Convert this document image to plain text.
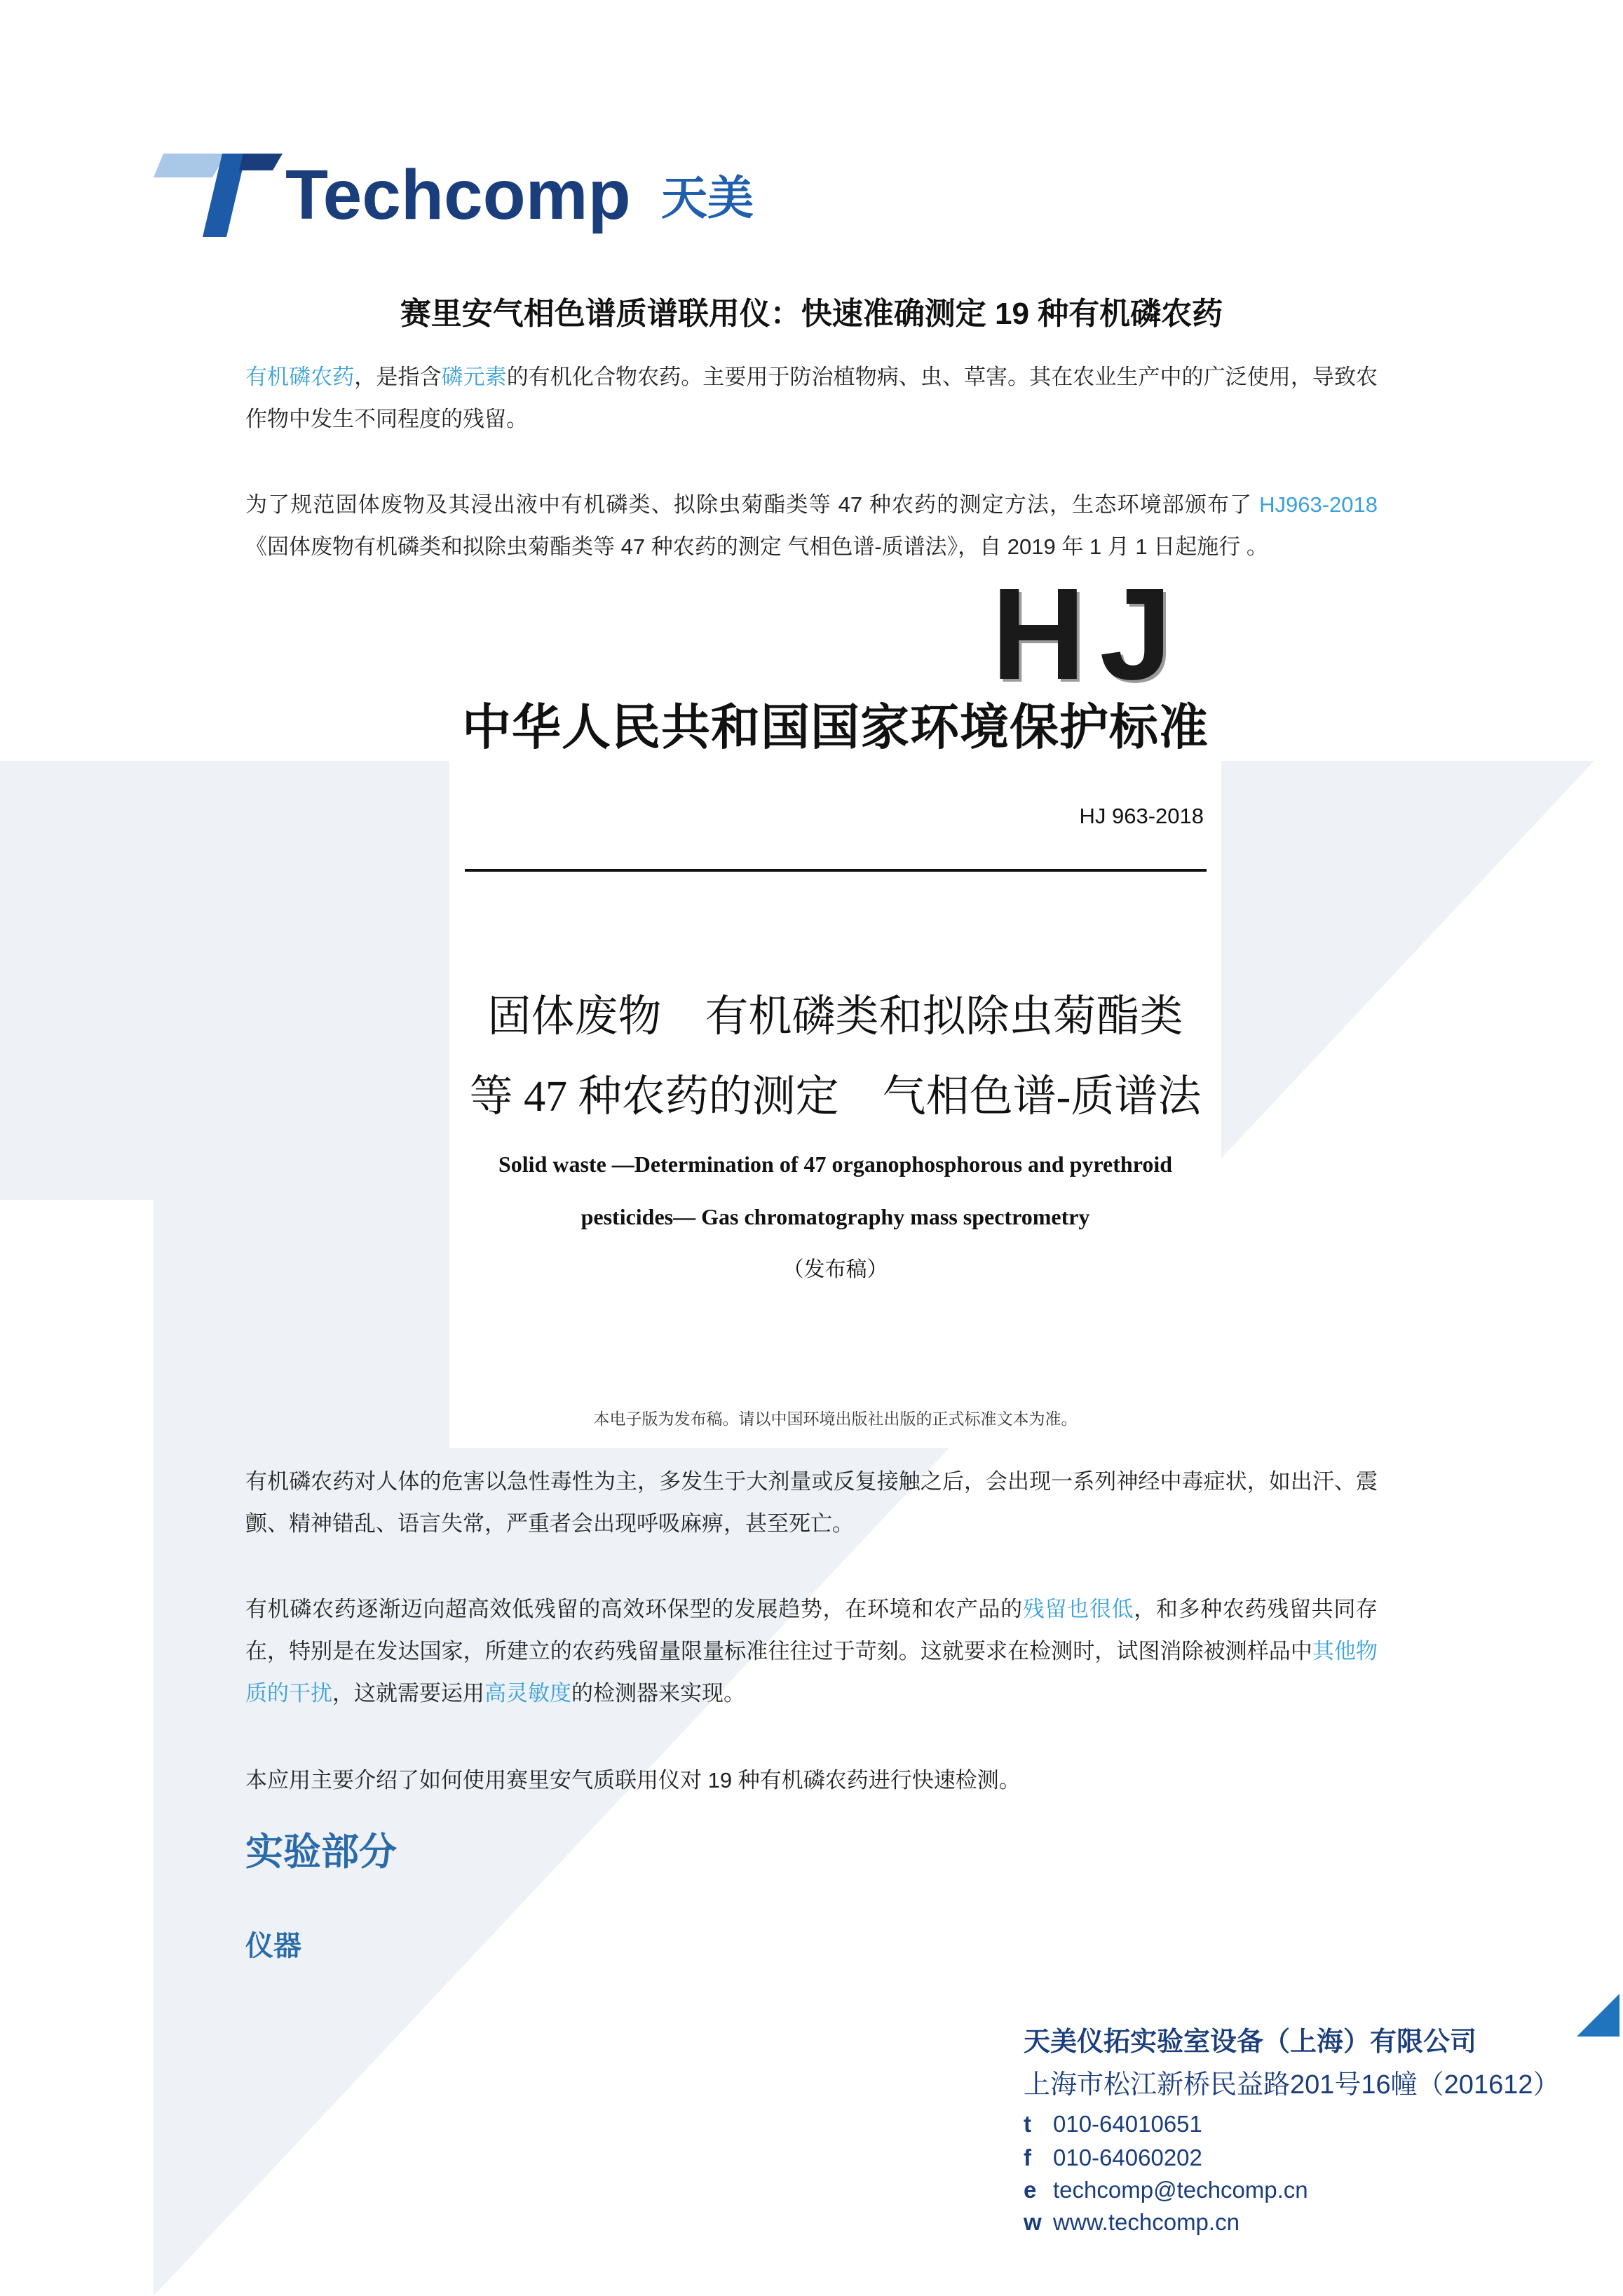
Techcomp 天美
赛里安气相色谱质谱联用仪：快速准确测定 19 种有机磷农药
有机磷农药，是指含磷元素的有机化合物农药。主要用于防治植物病、虫、草害。其在农业生产中的广泛使用，导致农作物中发生不同程度的残留。
为了规范固体废物及其浸出液中有机磷类、拟除虫菊酯类等 47 种农药的测定方法，生态环境部颁布了 HJ963-2018《固体废物有机磷类和拟除虫菊酯类等 47 种农药的测定 气相色谱-质谱法》，自 2019 年 1 月 1 日起施行 。
HJ
中华人民共和国国家环境保护标准
HJ 963-2018
固体废物　有机磷类和拟除虫菊酯类
等 47 种农药的测定　气相色谱-质谱法
Solid waste —Determination of 47 organophosphorous and pyrethroid
pesticides— Gas chromatography mass spectrometry
（发布稿）
本电子版为发布稿。请以中国环境出版社出版的正式标准文本为准。
有机磷农药对人体的危害以急性毒性为主，多发生于大剂量或反复接触之后，会出现一系列神经中毒症状，如出汗、震颤、精神错乱、语言失常，严重者会出现呼吸麻痹，甚至死亡。
有机磷农药逐渐迈向超高效低残留的高效环保型的发展趋势，在环境和农产品的残留也很低，和多种农药残留共同存在，特别是在发达国家，所建立的农药残留量限量标准往往过于苛刻。这就要求在检测时，试图消除被测样品中其他物质的干扰，这就需要运用高灵敏度的检测器来实现。
本应用主要介绍了如何使用赛里安气质联用仪对 19 种有机磷农药进行快速检测。
实验部分
仪器
天美仪拓实验室设备（上海）有限公司
上海市松江新桥民益路201号16幢（201612）
t 010-64010651
f 010-64060202
e techcomp@techcomp.cn
w www.techcomp.cn
